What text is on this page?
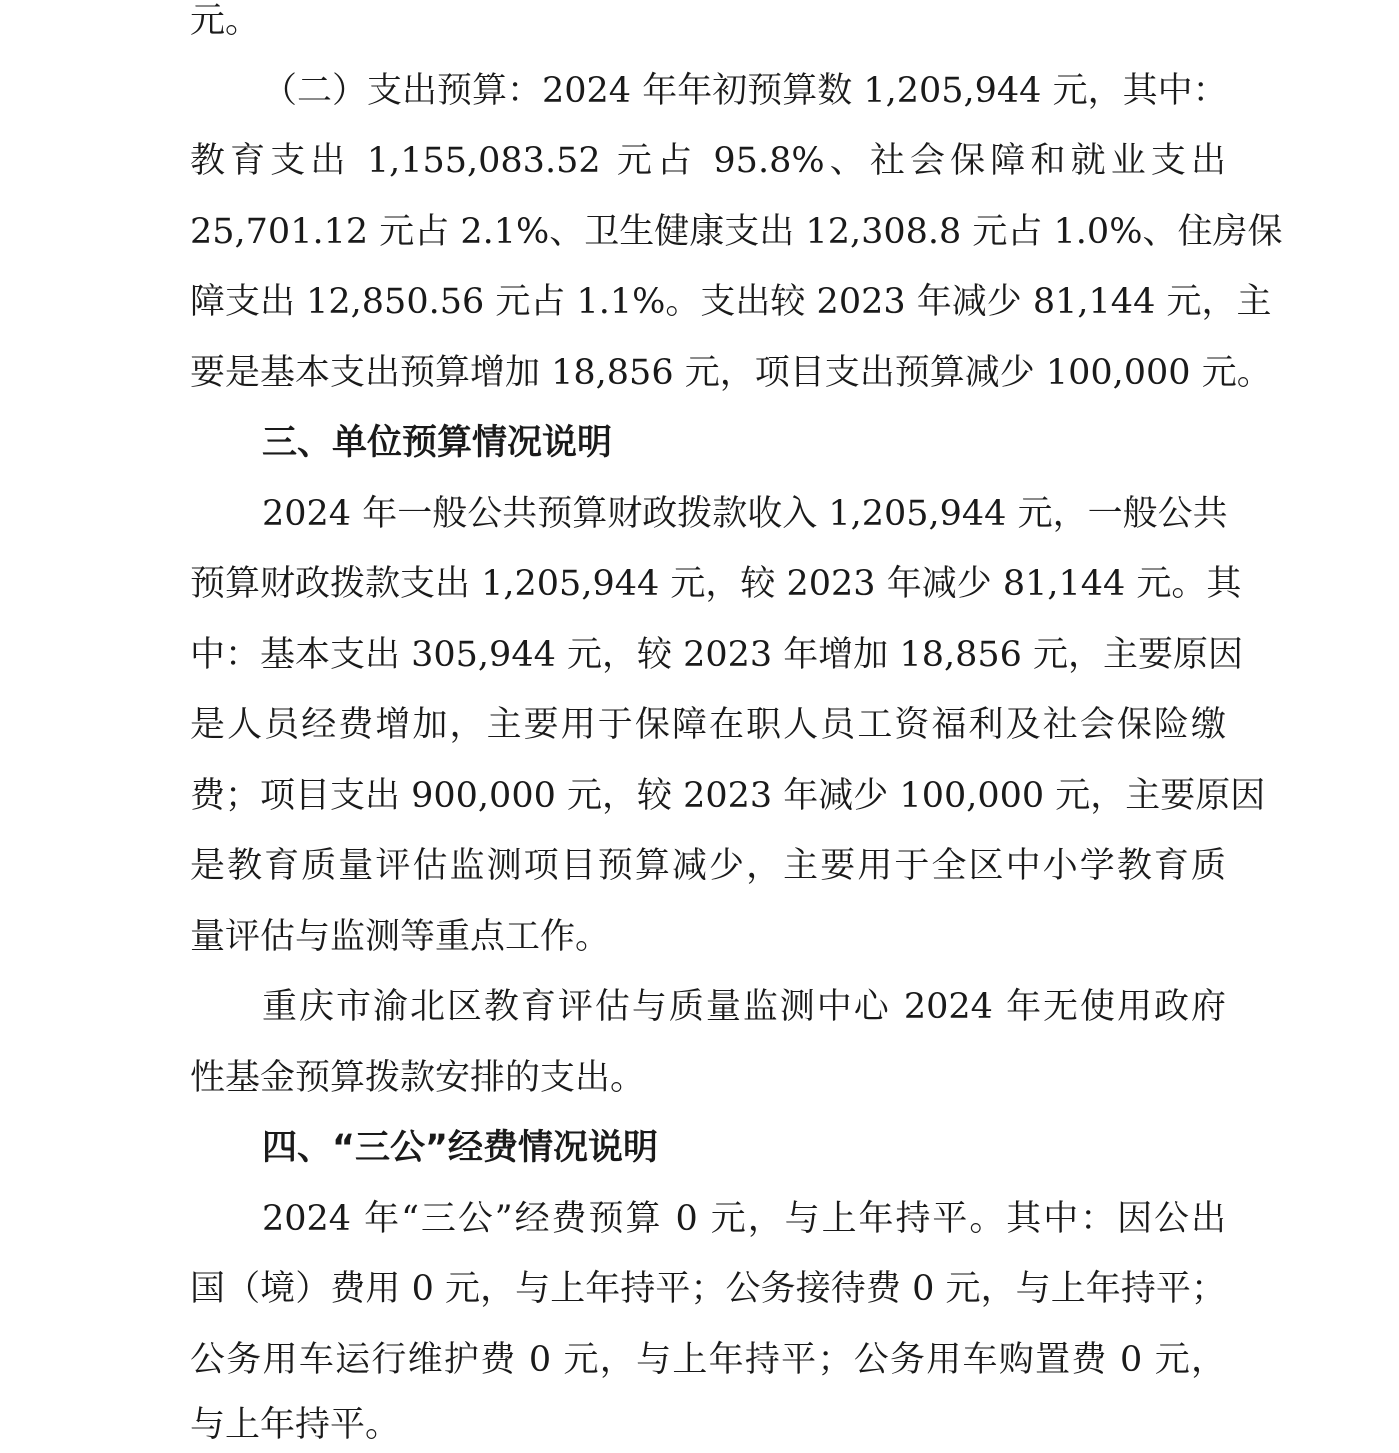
元。
（二）支出预算：2024 年年初预算数 1,205,944 元，其中：
教育支出 1,155,083.52 元占 95.8%、社会保障和就业支出
25,701.12 元占 2.1%、卫生健康支出 12,308.8 元占 1.0%、住房保
障支出 12,850.56 元占 1.1%。支出较 2023 年减少 81,144 元，主
要是基本支出预算增加 18,856 元，项目支出预算减少 100,000 元。
三、单位预算情况说明
2024 年一般公共预算财政拨款收入 1,205,944 元，一般公共
预算财政拨款支出 1,205,944 元，较 2023 年减少 81,144 元。其
中：基本支出 305,944 元，较 2023 年增加 18,856 元，主要原因
是人员经费增加，主要用于保障在职人员工资福利及社会保险缴
费；项目支出 900,000 元，较 2023 年减少 100,000 元，主要原因
是教育质量评估监测项目预算减少，主要用于全区中小学教育质
量评估与监测等重点工作。
重庆市渝北区教育评估与质量监测中心 2024 年无使用政府
性基金预算拨款安排的支出。
四、“三公”经费情况说明
2024 年“三公”经费预算 0 元，与上年持平。其中：因公出
国（境）费用 0 元，与上年持平；公务接待费 0 元，与上年持平；
公务用车运行维护费 0 元，与上年持平；公务用车购置费 0 元，
与上年持平。
